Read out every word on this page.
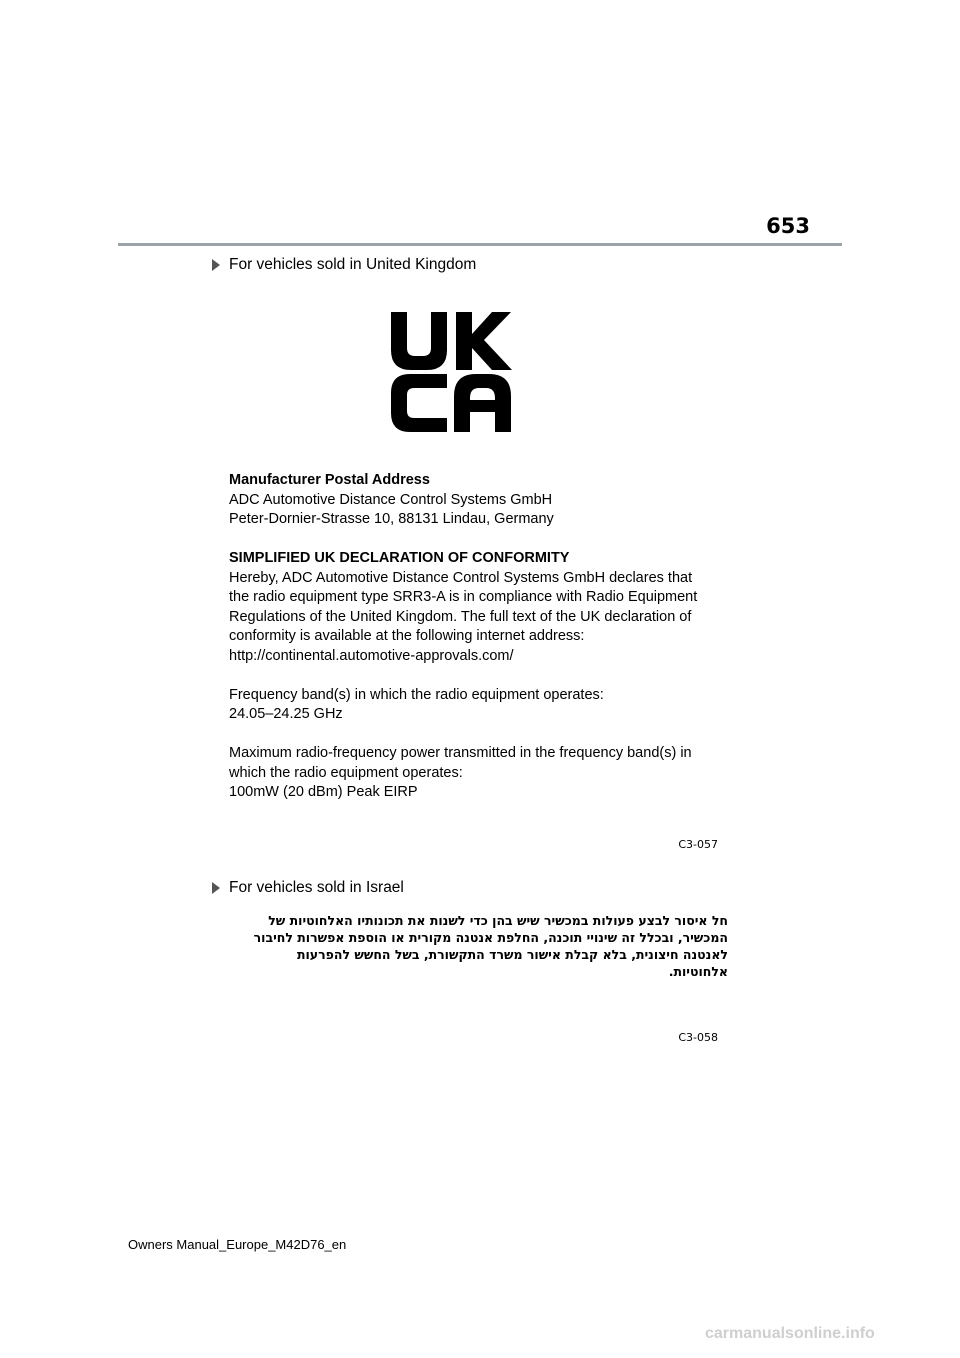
653
For vehicles sold in United Kingdom

Manufacturer Postal Address
ADC Automotive Distance Control Systems GmbH
Peter-Dornier-Strasse 10, 88131 Lindau, Germany

SIMPLIFIED UK DECLARATION OF CONFORMITY
Hereby, ADC Automotive Distance Control Systems GmbH declares that
the radio equipment type SRR3-A is in compliance with Radio Equipment
Regulations of the United Kingdom. The full text of the UK declaration of
conformity is available at the following internet address:
http://continental.automotive-approvals.com/

Frequency band(s) in which the radio equipment operates:
24.05–24.25 GHz

Maximum radio-frequency power transmitted in the frequency band(s) in
which the radio equipment operates:
100mW (20 dBm) Peak EIRP

C3-057
For vehicles sold in Israel
חל איסור לבצע פעולות במכשיר שיש בהן כדי לשנות את תכונותיו האלחוטיות של
המכשיר, ובכלל זה שינויי תוכנה, החלפת אנטנה מקורית או הוספת אפשרות לחיבור
לאנטנה חיצונית, בלא קבלת אישור משרד התקשורת, בשל החשש להפרעות
אלחוטיות.
C3-058
Owners Manual_Europe_M42D76_en
carmanualsonline.info
